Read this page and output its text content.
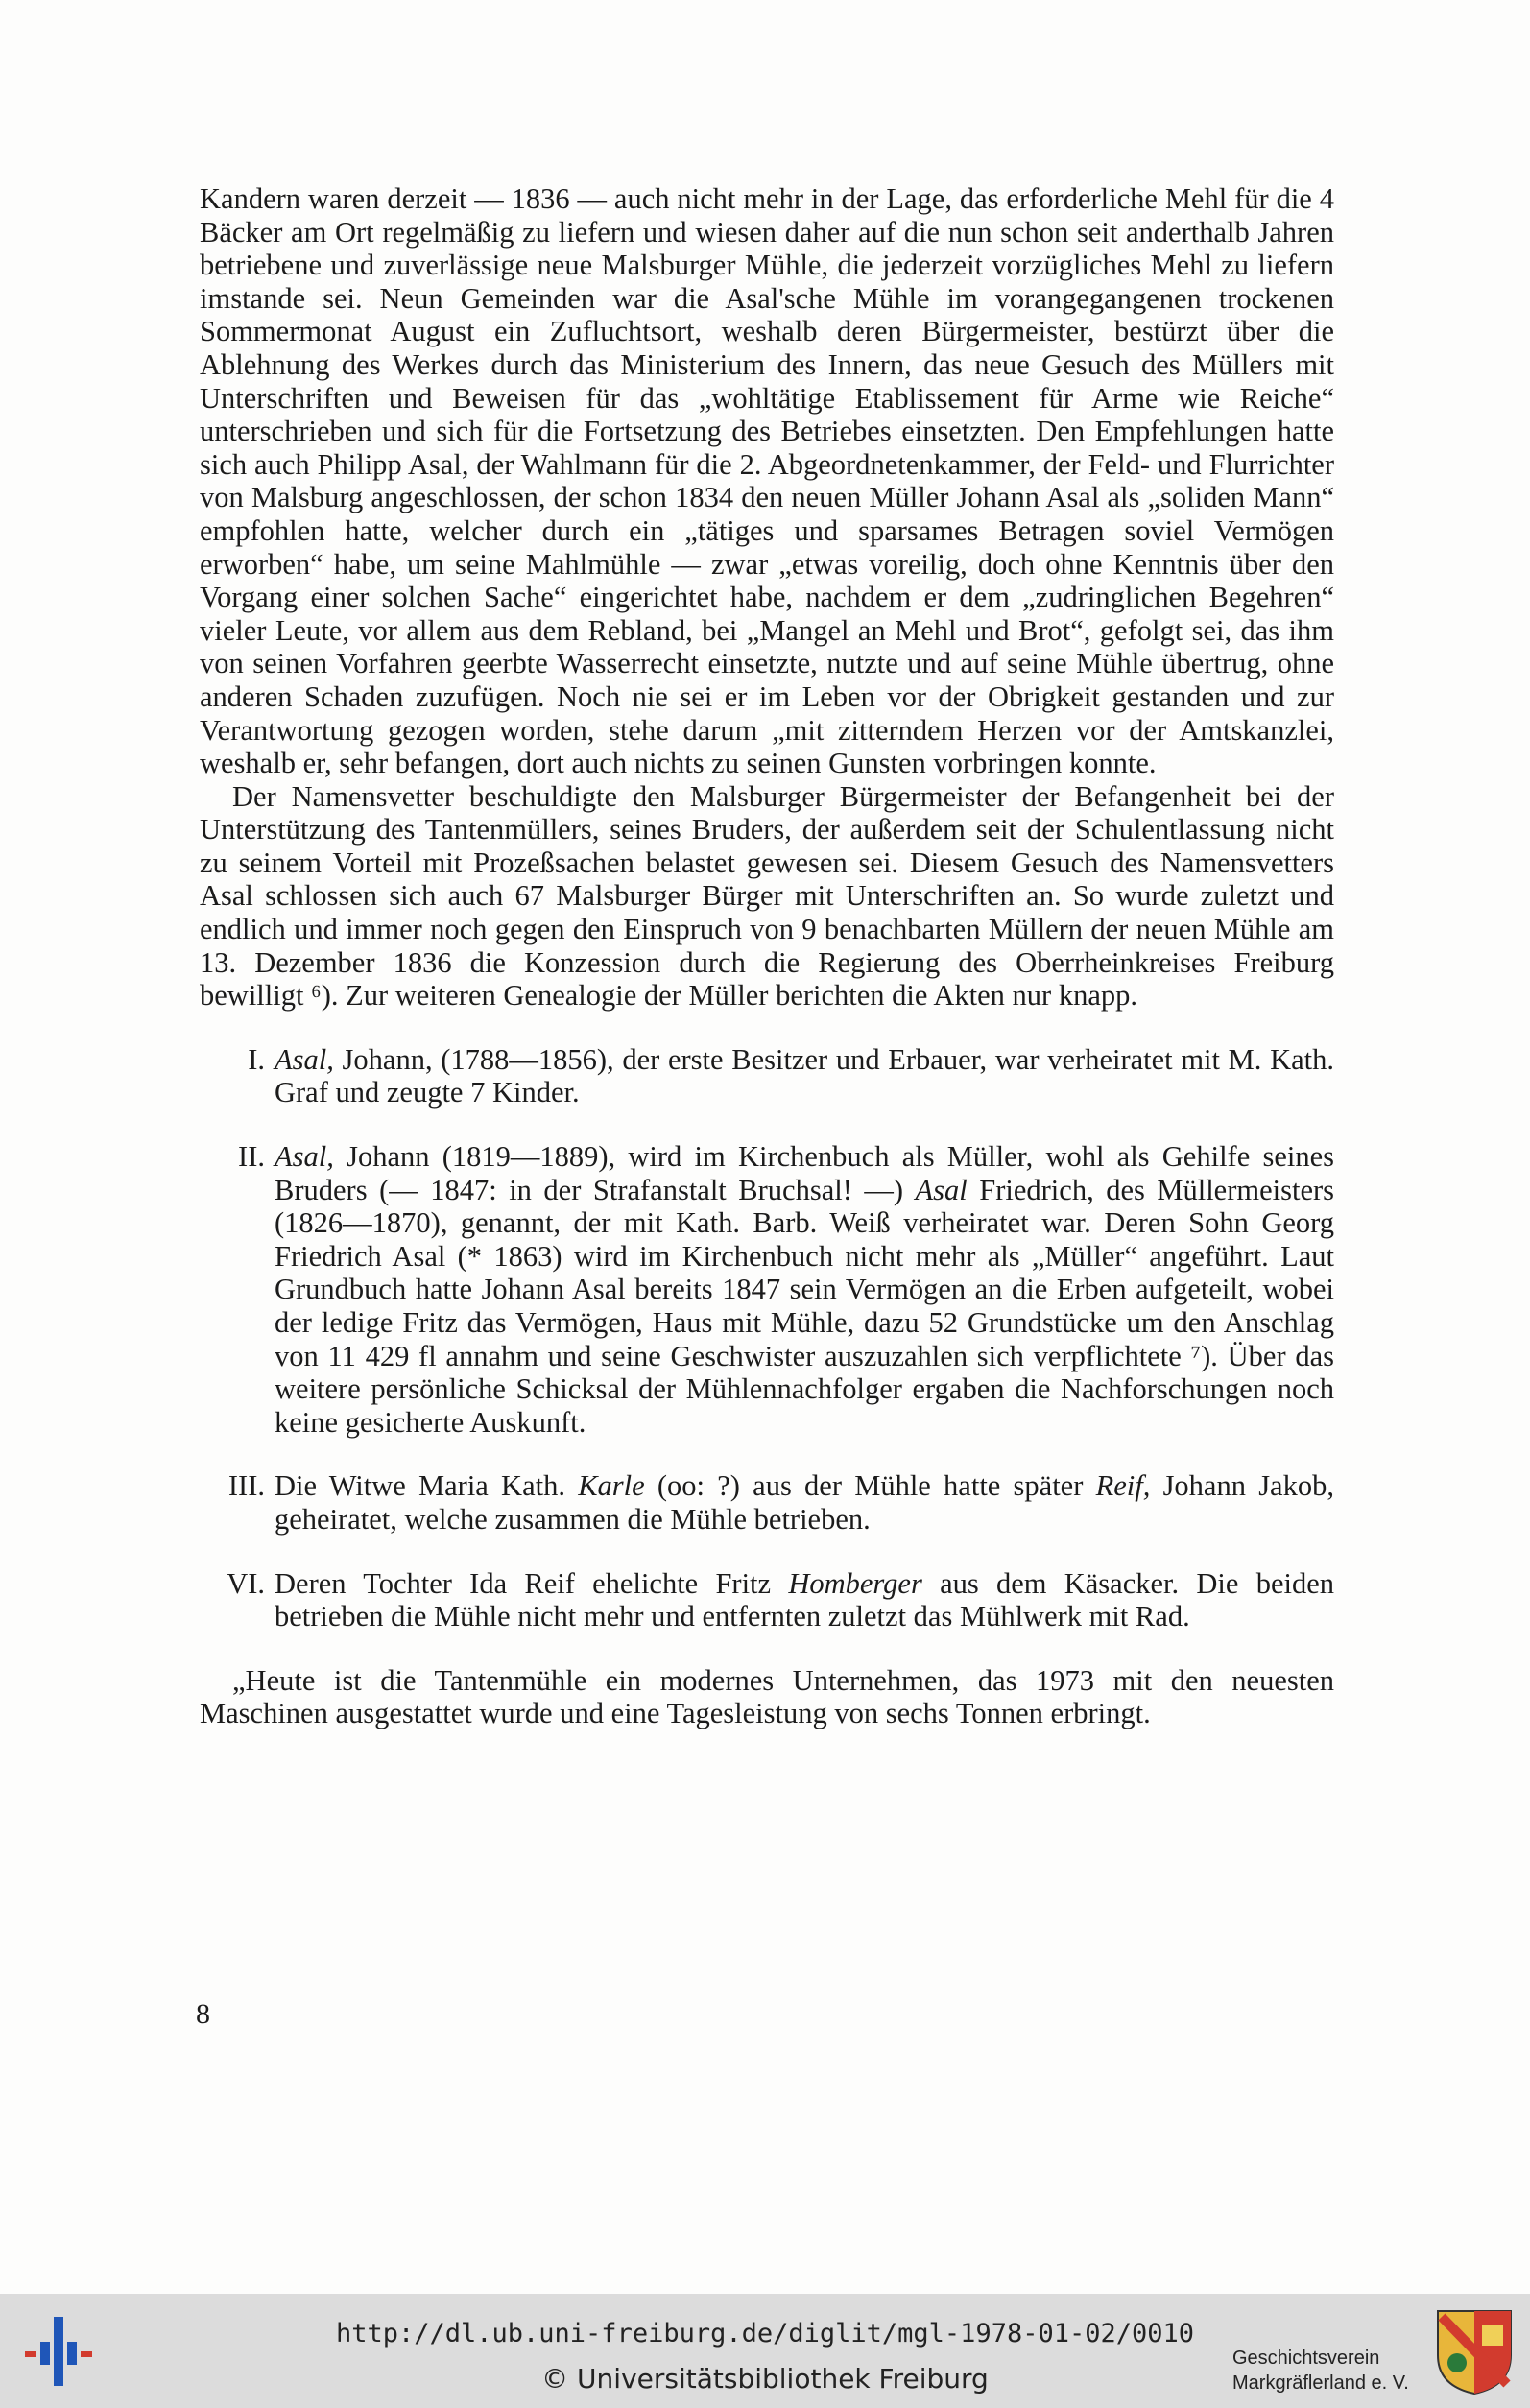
Kandern waren derzeit — 1836 — auch nicht mehr in der Lage, das erforderliche Mehl für die 4 Bäcker am Ort regelmäßig zu liefern und wiesen daher auf die nun schon seit anderthalb Jahren betriebene und zuverlässige neue Malsburger Mühle, die jederzeit vorzügliches Mehl zu liefern imstande sei. Neun Gemeinden war die Asal'sche Mühle im vorangegangenen trockenen Sommermonat August ein Zufluchtsort, weshalb deren Bürgermeister, bestürzt über die Ablehnung des Werkes durch das Ministerium des Innern, das neue Gesuch des Müllers mit Unterschriften und Beweisen für das „wohltätige Etablissement für Arme wie Reiche“ unterschrieben und sich für die Fortsetzung des Betriebes einsetzten. Den Empfehlungen hatte sich auch Philipp Asal, der Wahlmann für die 2. Abgeordnetenkammer, der Feld- und Flurrichter von Malsburg angeschlossen, der schon 1834 den neuen Müller Johann Asal als „soliden Mann“ empfohlen hatte, welcher durch ein „tätiges und sparsames Betragen soviel Vermögen erworben“ habe, um seine Mahlmühle — zwar „etwas voreilig, doch ohne Kenntnis über den Vorgang einer solchen Sache“ eingerichtet habe, nachdem er dem „zudringlichen Begehren“ vieler Leute, vor allem aus dem Rebland, bei „Mangel an Mehl und Brot“, gefolgt sei, das ihm von seinen Vorfahren geerbte Wasserrecht einsetzte, nutzte und auf seine Mühle übertrug, ohne anderen Schaden zuzufügen. Noch nie sei er im Leben vor der Obrigkeit gestanden und zur Verantwortung gezogen worden, stehe darum „mit zitterndem Herzen vor der Amtskanzlei, weshalb er, sehr befangen, dort auch nichts zu seinen Gunsten vorbringen konnte.

Der Namensvetter beschuldigte den Malsburger Bürgermeister der Befangenheit bei der Unterstützung des Tantenmüllers, seines Bruders, der außerdem seit der Schulentlassung nicht zu seinem Vorteil mit Prozeßsachen belastet gewesen sei. Diesem Gesuch des Namensvetters Asal schlossen sich auch 67 Malsburger Bürger mit Unterschriften an. So wurde zuletzt und endlich und immer noch gegen den Einspruch von 9 benachbarten Müllern der neuen Mühle am 13. Dezember 1836 die Konzession durch die Regierung des Oberrheinkreises Freiburg bewilligt ⁶). Zur weiteren Genealogie der Müller berichten die Akten nur knapp.

I. Asal, Johann, (1788—1856), der erste Besitzer und Erbauer, war verheiratet mit M. Kath. Graf und zeugte 7 Kinder.
II. Asal, Johann (1819—1889), wird im Kirchenbuch als Müller, wohl als Gehilfe seines Bruders (— 1847: in der Strafanstalt Bruchsal! —) Asal Friedrich, des Müllermeisters (1826—1870), genannt, der mit Kath. Barb. Weiß verheiratet war. Deren Sohn Georg Friedrich Asal (* 1863) wird im Kirchenbuch nicht mehr als „Müller“ angeführt. Laut Grundbuch hatte Johann Asal bereits 1847 sein Vermögen an die Erben aufgeteilt, wobei der ledige Fritz das Vermögen, Haus mit Mühle, dazu 52 Grundstücke um den Anschlag von 11 429 fl annahm und seine Geschwister auszuzahlen sich verpflichtete ⁷). Über das weitere persönliche Schicksal der Mühlennachfolger ergaben die Nachforschungen noch keine gesicherte Auskunft.
III. Die Witwe Maria Kath. Karle (oo: ?) aus der Mühle hatte später Reif, Johann Jakob, geheiratet, welche zusammen die Mühle betrieben.
VI. Deren Tochter Ida Reif ehelichte Fritz Homberger aus dem Käsacker. Die beiden betrieben die Mühle nicht mehr und entfernten zuletzt das Mühlwerk mit Rad.

„Heute ist die Tantenmühle ein modernes Unternehmen, das 1973 mit den neuesten Maschinen ausgestattet wurde und eine Tagesleistung von sechs Tonnen erbringt.

8
http://dl.ub.uni-freiburg.de/diglit/mgl-1978-01-02/0010
© Universitätsbibliothek Freiburg
Geschichtsverein
Markgräflerland e. V.
